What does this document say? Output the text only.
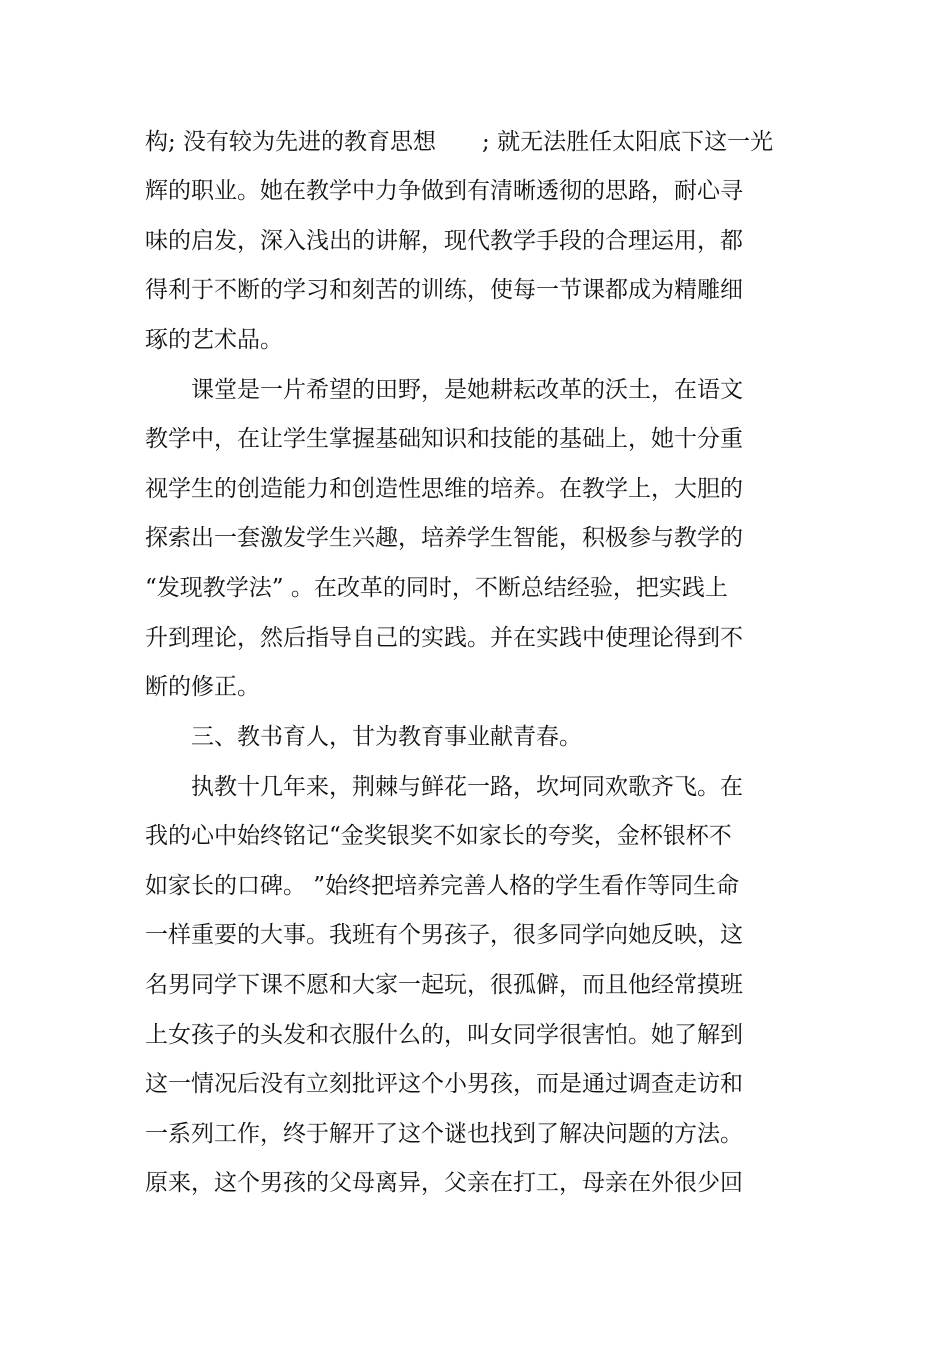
构; 没有较为先进的教育思想　　; 就无法胜任太阳底下这一光
辉的职业。她在教学中力争做到有清晰透彻的思路，耐心寻
味的启发，深入浅出的讲解，现代教学手段的合理运用，都
得利于不断的学习和刻苦的训练，使每一节课都成为精雕细
琢的艺术品。
　　课堂是一片希望的田野，是她耕耘改革的沃土，在语文
教学中，在让学生掌握基础知识和技能的基础上，她十分重
视学生的创造能力和创造性思维的培养。在教学上，大胆的
探索出一套激发学生兴趣，培养学生智能，积极参与教学的
“发现教学法” 。在改革的同时，不断总结经验，把实践上
升到理论，然后指导自己的实践。并在实践中使理论得到不
断的修正。
　　三、教书育人，甘为教育事业献青春。
　　执教十几年来，荆棘与鲜花一路，坎坷同欢歌齐飞。在
我的心中始终铭记“金奖银奖不如家长的夸奖，金杯银杯不
如家长的口碑。 ”始终把培养完善人格的学生看作等同生命
一样重要的大事。我班有个男孩子，很多同学向她反映，这
名男同学下课不愿和大家一起玩，很孤僻，而且他经常摸班
上女孩子的头发和衣服什么的，叫女同学很害怕。她了解到
这一情况后没有立刻批评这个小男孩，而是通过调查走访和
一系列工作，终于解开了这个谜也找到了解决问题的方法。
原来，这个男孩的父母离异，父亲在打工，母亲在外很少回
